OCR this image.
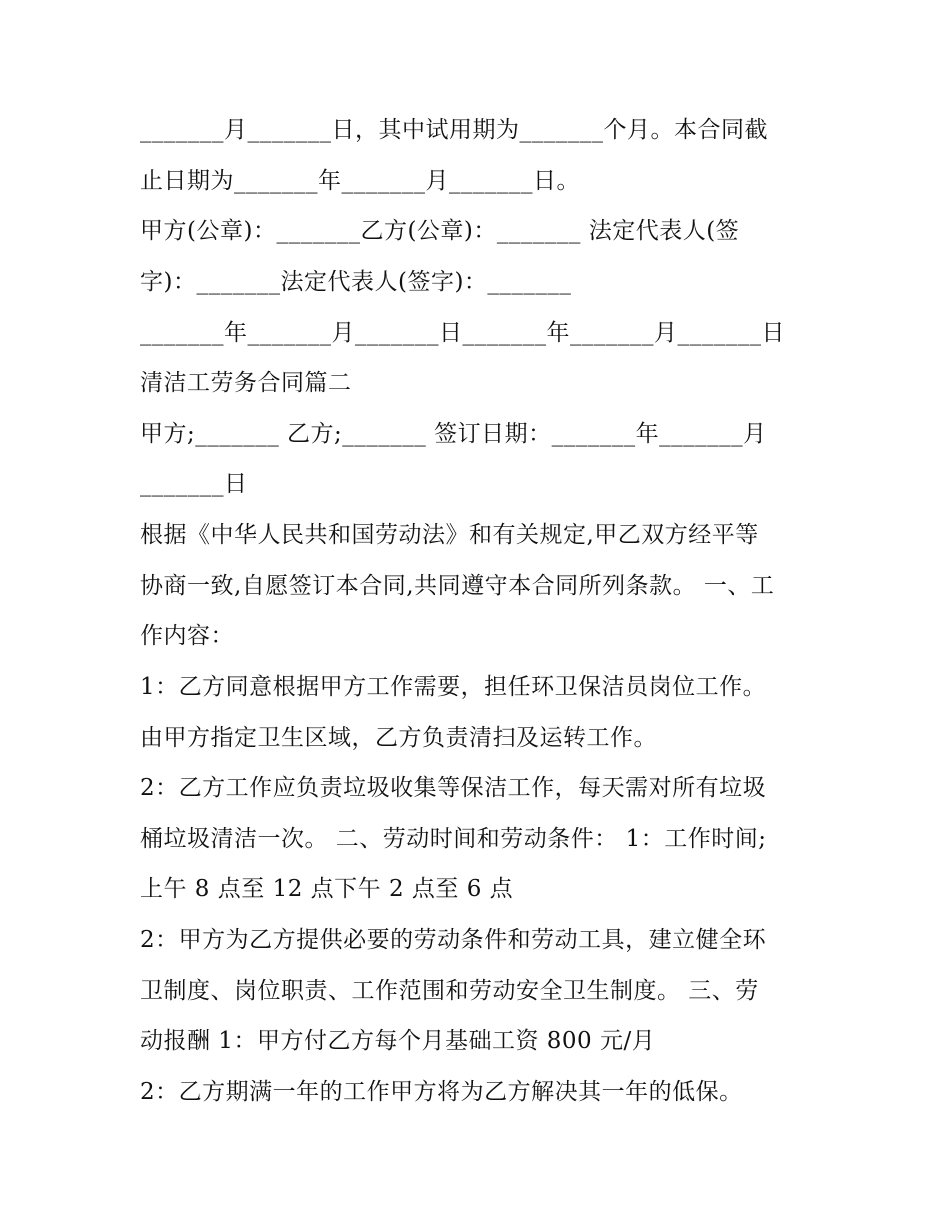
_______月_______日，其中试用期为_______个月。本合同截

止日期为_______年_______月_______日。

甲方(公章)：_______乙方(公章)：_______ 法定代表人(签

字)：_______法定代表人(签字)：_______

_______年_______月_______日_______年_______月_______日

清洁工劳务合同篇二

甲方;_______ 乙方;_______ 签订日期：_______年_______月

_______日

根据《中华人民共和国劳动法》和有关规定,甲乙双方经平等

协商一致,自愿签订本合同,共同遵守本合同所列条款。 一、工

作内容：

1：乙方同意根据甲方工作需要，担任环卫保洁员岗位工作。

由甲方指定卫生区域，乙方负责清扫及运转工作。

2：乙方工作应负责垃圾收集等保洁工作，每天需对所有垃圾

桶垃圾清洁一次。 二、劳动时间和劳动条件： 1：工作时间;

上午 8 点至 12 点下午 2 点至 6 点

2：甲方为乙方提供必要的劳动条件和劳动工具，建立健全环

卫制度、岗位职责、工作范围和劳动安全卫生制度。 三、劳

动报酬 1：甲方付乙方每个月基础工资 800 元/月

2：乙方期满一年的工作甲方将为乙方解决其一年的低保。
